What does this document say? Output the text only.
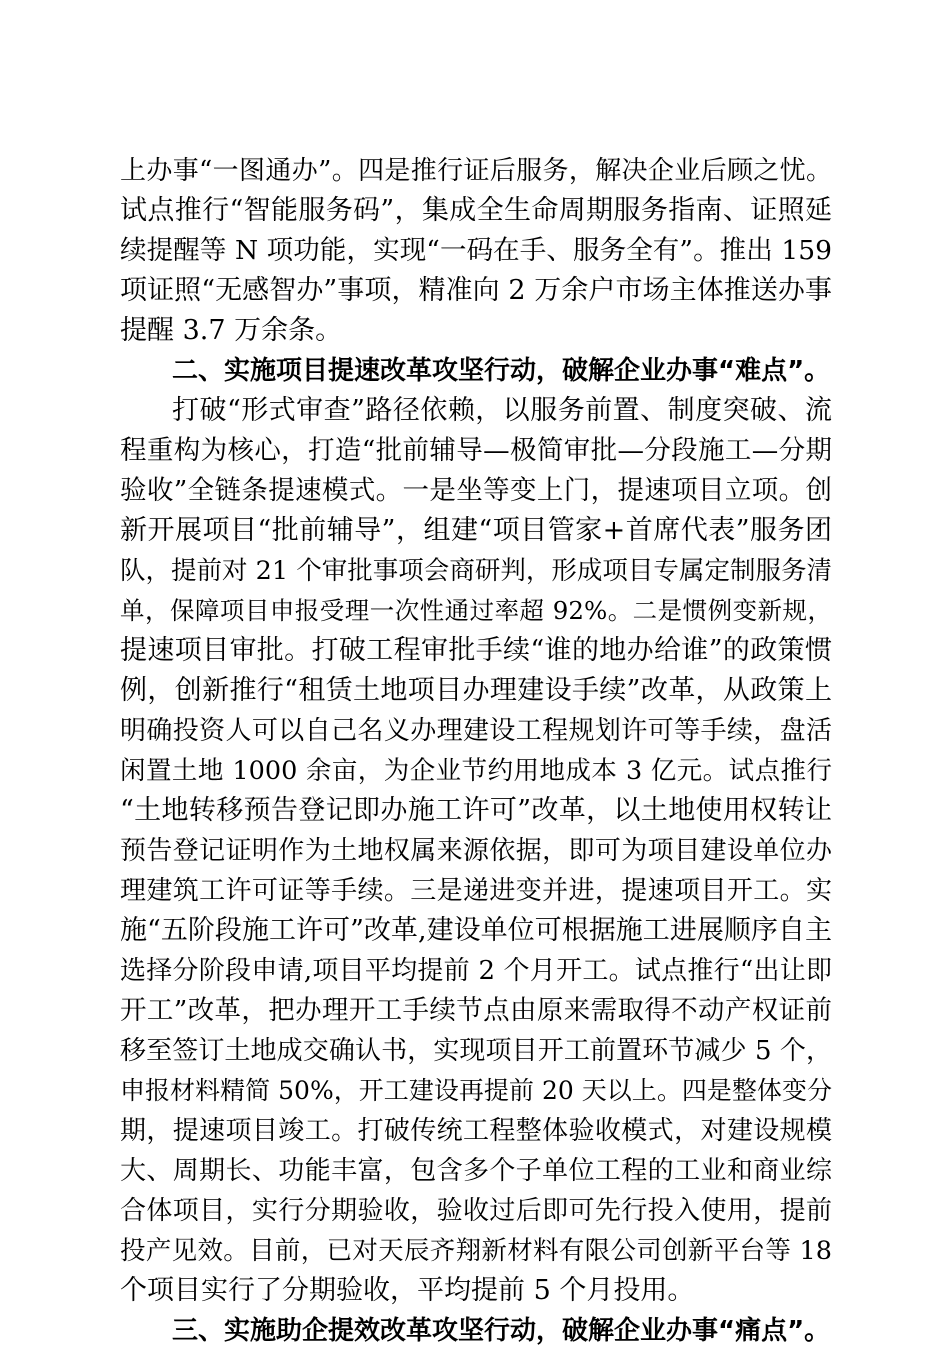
上办事“一图通办”。四是推行证后服务，解决企业后顾之忧。
试点推行“智能服务码”，集成全生命周期服务指南、证照延
续提醒等 N 项功能，实现“一码在手、服务全有”。推出 159
项证照“无感智办”事项，精准向 2 万余户市场主体推送办事
提醒 3.7 万余条。
二、实施项目提速改革攻坚行动，破解企业办事“难点”。
打破“形式审查”路径依赖，以服务前置、制度突破、流
程重构为核心，打造“批前辅导—极简审批—分段施工—分期
验收”全链条提速模式。一是坐等变上门，提速项目立项。创
新开展项目“批前辅导”，组建“项目管家+首席代表”服务团
队，提前对 21 个审批事项会商研判，形成项目专属定制服务清
单，保障项目申报受理一次性通过率超 92%。二是惯例变新规，
提速项目审批。打破工程审批手续“谁的地办给谁”的政策惯
例，创新推行“租赁土地项目办理建设手续”改革，从政策上
明确投资人可以自己名义办理建设工程规划许可等手续，盘活
闲置土地 1000 余亩，为企业节约用地成本 3 亿元。试点推行
“土地转移预告登记即办施工许可”改革，以土地使用权转让
预告登记证明作为土地权属来源依据，即可为项目建设单位办
理建筑工许可证等手续。三是递进变并进，提速项目开工。实
施“五阶段施工许可”改革,建设单位可根据施工进展顺序自主
选择分阶段申请,项目平均提前 2 个月开工。试点推行“出让即
开工”改革，把办理开工手续节点由原来需取得不动产权证前
移至签订土地成交确认书，实现项目开工前置环节减少 5 个，
申报材料精简 50%，开工建设再提前 20 天以上。四是整体变分
期，提速项目竣工。打破传统工程整体验收模式，对建设规模
大、周期长、功能丰富，包含多个子单位工程的工业和商业综
合体项目，实行分期验收，验收过后即可先行投入使用，提前
投产见效。目前，已对天辰齐翔新材料有限公司创新平台等 18
个项目实行了分期验收，平均提前 5 个月投用。
三、实施助企提效改革攻坚行动，破解企业办事“痛点”。
